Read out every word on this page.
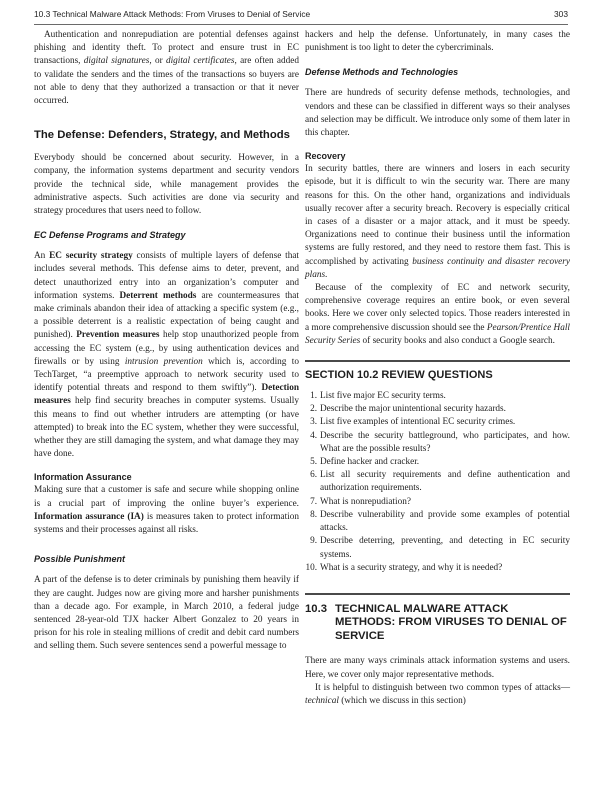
10.3 Technical Malware Attack Methods: From Viruses to Denial of Service	303

Authentication and nonrepudiation are potential defenses against phishing and identity theft. To protect and ensure trust in EC transactions, digital signatures, or digital certificates, are often added to validate the senders and the times of the transactions so buyers are not able to deny that they authorized a transaction or that it never occurred.

The Defense: Defenders, Strategy, and Methods

Everybody should be concerned about security. However, in a company, the information systems department and security vendors provide the technical side, while management provides the administrative aspects. Such activities are done via security and strategy procedures that users need to follow.

EC Defense Programs and Strategy

An EC security strategy consists of multiple layers of defense that includes several methods. This defense aims to deter, prevent, and detect unauthorized entry into an organization’s computer and information systems. Deterrent methods are countermeasures that make criminals abandon their idea of attacking a specific system (e.g., a possible deterrent is a realistic expectation of being caught and punished). Prevention measures help stop unauthorized people from accessing the EC system (e.g., by using authentication devices and firewalls or by using intrusion prevention which is, according to TechTarget, “a preemptive approach to network security used to identify potential threats and respond to them swiftly”). Detection measures help find security breaches in computer systems. Usually this means to find out whether intruders are attempting (or have attempted) to break into the EC system, whether they were successful, whether they are still damaging the system, and what damage they may have done.

Information Assurance

Making sure that a customer is safe and secure while shopping online is a crucial part of improving the online buyer’s experience. Information assurance (IA) is measures taken to protect information systems and their processes against all risks.

Possible Punishment

A part of the defense is to deter criminals by punishing them heavily if they are caught. Judges now are giving more and harsher punishments than a decade ago. For example, in March 2010, a federal judge sentenced 28-year-old TJX hacker Albert Gonzalez to 20 years in prison for his role in stealing millions of credit and debit card numbers and selling them. Such severe sentences send a powerful message to

hackers and help the defense. Unfortunately, in many cases the punishment is too light to deter the cybercriminals.

Defense Methods and Technologies

There are hundreds of security defense methods, technologies, and vendors and these can be classified in different ways so their analyses and selection may be difficult. We introduce only some of them later in this chapter.

Recovery

In security battles, there are winners and losers in each security episode, but it is difficult to win the security war. There are many reasons for this. On the other hand, organizations and individuals usually recover after a security breach. Recovery is especially critical in cases of a disaster or a major attack, and it must be speedy. Organizations need to continue their business until the information systems are fully restored, and they need to restore them fast. This is accomplished by activating business continuity and disaster recovery plans.

Because of the complexity of EC and network security, comprehensive coverage requires an entire book, or even several books. Here we cover only selected topics. Those readers interested in a more comprehensive discussion should see the Pearson/Prentice Hall Security Series of security books and also conduct a Google search.

SECTION 10.2 REVIEW QUESTIONS
1. List five major EC security terms.
2. Describe the major unintentional security hazards.
3. List five examples of intentional EC security crimes.
4. Describe the security battleground, who participates, and how. What are the possible results?
5. Define hacker and cracker.
6. List all security requirements and define authentication and authorization requirements.
7. What is nonrepudiation?
8. Describe vulnerability and provide some examples of potential attacks.
9. Describe deterring, preventing, and detecting in EC security systems.
10. What is a security strategy, and why it is needed?
10.3 TECHNICAL MALWARE ATTACK METHODS: FROM VIRUSES TO DENIAL OF SERVICE

There are many ways criminals attack information systems and users. Here, we cover only major representative methods.

It is helpful to distinguish between two common types of attacks—technical (which we discuss in this section)
